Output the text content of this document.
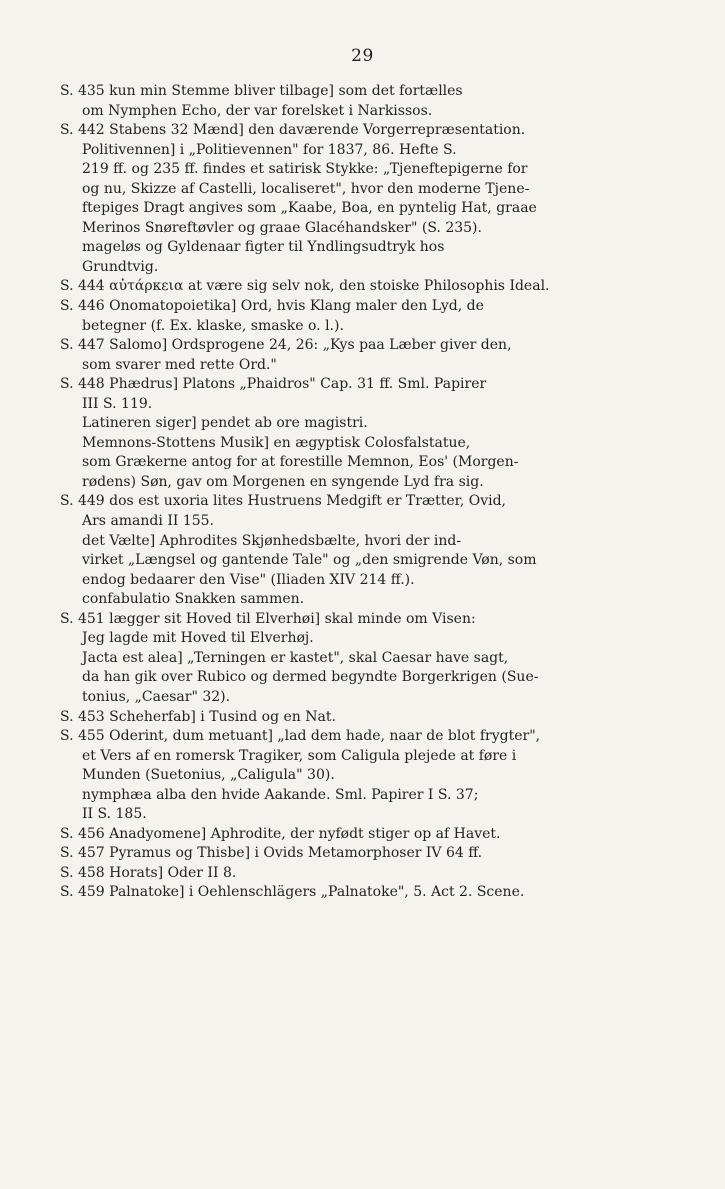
29
S. 435 kun min Stemme bliver tilbage] som det fortælles
om Nymphen Echo, der var forelsket i Narkissos.
S. 442 Stabens 32 Mænd] den daværende Vorgerrepræsentation.
Politivennen] i „Politievennen" for 1837, 86. Hefte S.
219 ff. og 235 ff. findes et satirisk Stykke: „Tjeneftepigerne for
og nu, Skizze af Castelli, localiseret", hvor den moderne Tjene-
ftepiges Dragt angives som „Kaabe, Boa, en pyntelig Hat, graae
Merinos Snøreftøvler og graae Glacéhandsker" (S. 235).
mageløs og Gyldenaar figter til Yndlingsudtryk hos
Grundtvig.
S. 444 αὐτάρκεια at være sig selv nok, den stoiske Philosophis Ideal.
S. 446 Onomatopoietika] Ord, hvis Klang maler den Lyd, de
betegner (f. Ex. klaske, smaske o. l.).
S. 447 Salomo] Ordsprogene 24, 26: „Kys paa Læber giver den,
som svarer med rette Ord."
S. 448 Phædrus] Platons „Phaidros" Cap. 31 ff. Sml. Papirer
III S. 119.
Latineren siger] pendet ab ore magistri.
Memnons-Stottens Musik] en ægyptisk Colosfalstatue,
som Grækerne antog for at forestille Memnon, Eos' (Morgen-
rødens) Søn, gav om Morgenen en syngende Lyd fra sig.
S. 449 dos est uxoria lites Hustruens Medgift er Trætter, Ovid,
Ars amandi II 155.
det Vælte] Aphrodites Skjønhedsbælte, hvori der ind-
virket „Længsel og gantende Tale" og „den smigrende Vøn, som
endog bedaarer den Vise" (Iliaden XIV 214 ff.).
confabulatio Snakken sammen.
S. 451 lægger sit Hoved til Elverhøi] skal minde om Visen:
Jeg lagde mit Hoved til Elverhøj.
Jacta est alea] „Terningen er kastet", skal Caesar have sagt,
da han gik over Rubico og dermed begyndte Borgerkrigen (Sue-
tonius, „Caesar" 32).
S. 453 Scheherfab] i Tusind og en Nat.
S. 455 Oderint, dum metuant] „lad dem hade, naar de blot frygter",
et Vers af en romersk Tragiker, som Caligula plejede at føre i
Munden (Suetonius, „Caligula" 30).
nymphæa alba den hvide Aakande. Sml. Papirer I S. 37;
II S. 185.
S. 456 Anadyomene] Aphrodite, der nyfødt stiger op af Havet.
S. 457 Pyramus og Thisbe] i Ovids Metamorphoser IV 64 ff.
S. 458 Horats] Oder II 8.
S. 459 Palnatoke] i Oehlenschlägers „Palnatoke", 5. Act 2. Scene.
